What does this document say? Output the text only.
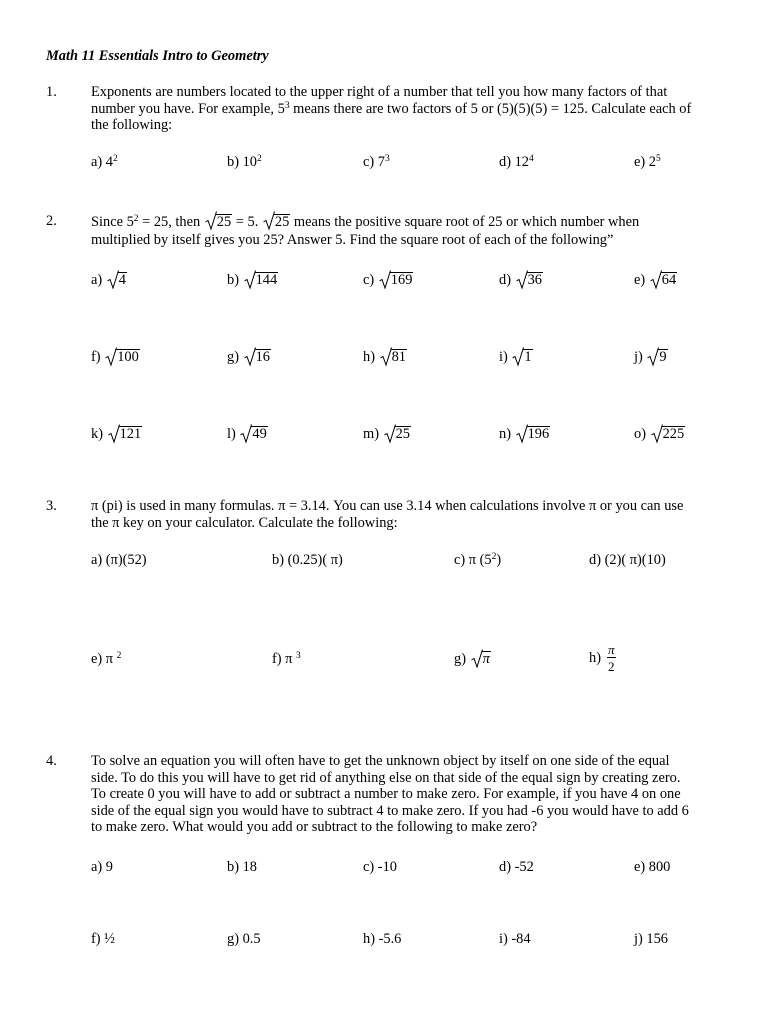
Math 11 Essentials Intro to Geometry
1. Exponents are numbers located to the upper right of a number that tell you how many factors of that
number you have. For example, $5^3$ means there are two factors of 5 or (5)(5)(5) = 125. Calculate each of
the following:
a) $4^2$	b) $10^2$	c) $7^3$	d) $12^4$	e) $2^5$
2. Since $5^2 = 25$, then
25 = 5.
25 means the positive square root of 25 or which number when
multiplied by itself gives you 25? Answer 5. Find the square root of each of the following”
a) 4	b) 144	c) 169	d) 36	e) 64
f) 100	g) 16	h) 81	i) 1	j) 9
k) 121	l) 49	m) 25	n) 196	o) 225
3. π (pi) is used in many formulas. π = 3.14. You can use 3.14 when calculations involve π or you can use
the π key on your calculator. Calculate the following:
a) (π)(52)	b) (0.25)( π)	c) π $(5^2)$	d) (2)( π)(10)
e) π $^2$	f) π $^3$	g) π	$h) \frac{\pi}{2}$
4. To solve an equation you will often have to get the unknown object by itself on one side of the equal
side. To do this you will have to get rid of anything else on that side of the equal sign by creating zero.
To create 0 you will have to add or subtract a number to make zero. For example, if you have 4 on one
side of the equal sign you would have to subtract 4 to make zero. If you had -6 you would have to add 6
to make zero. What would you add or subtract to the following to make zero?
a) 9	b) 18	c) -10	d) -52	e) 800
f) ½	g) 0.5	h) -5.6	i) -84	j) 156
